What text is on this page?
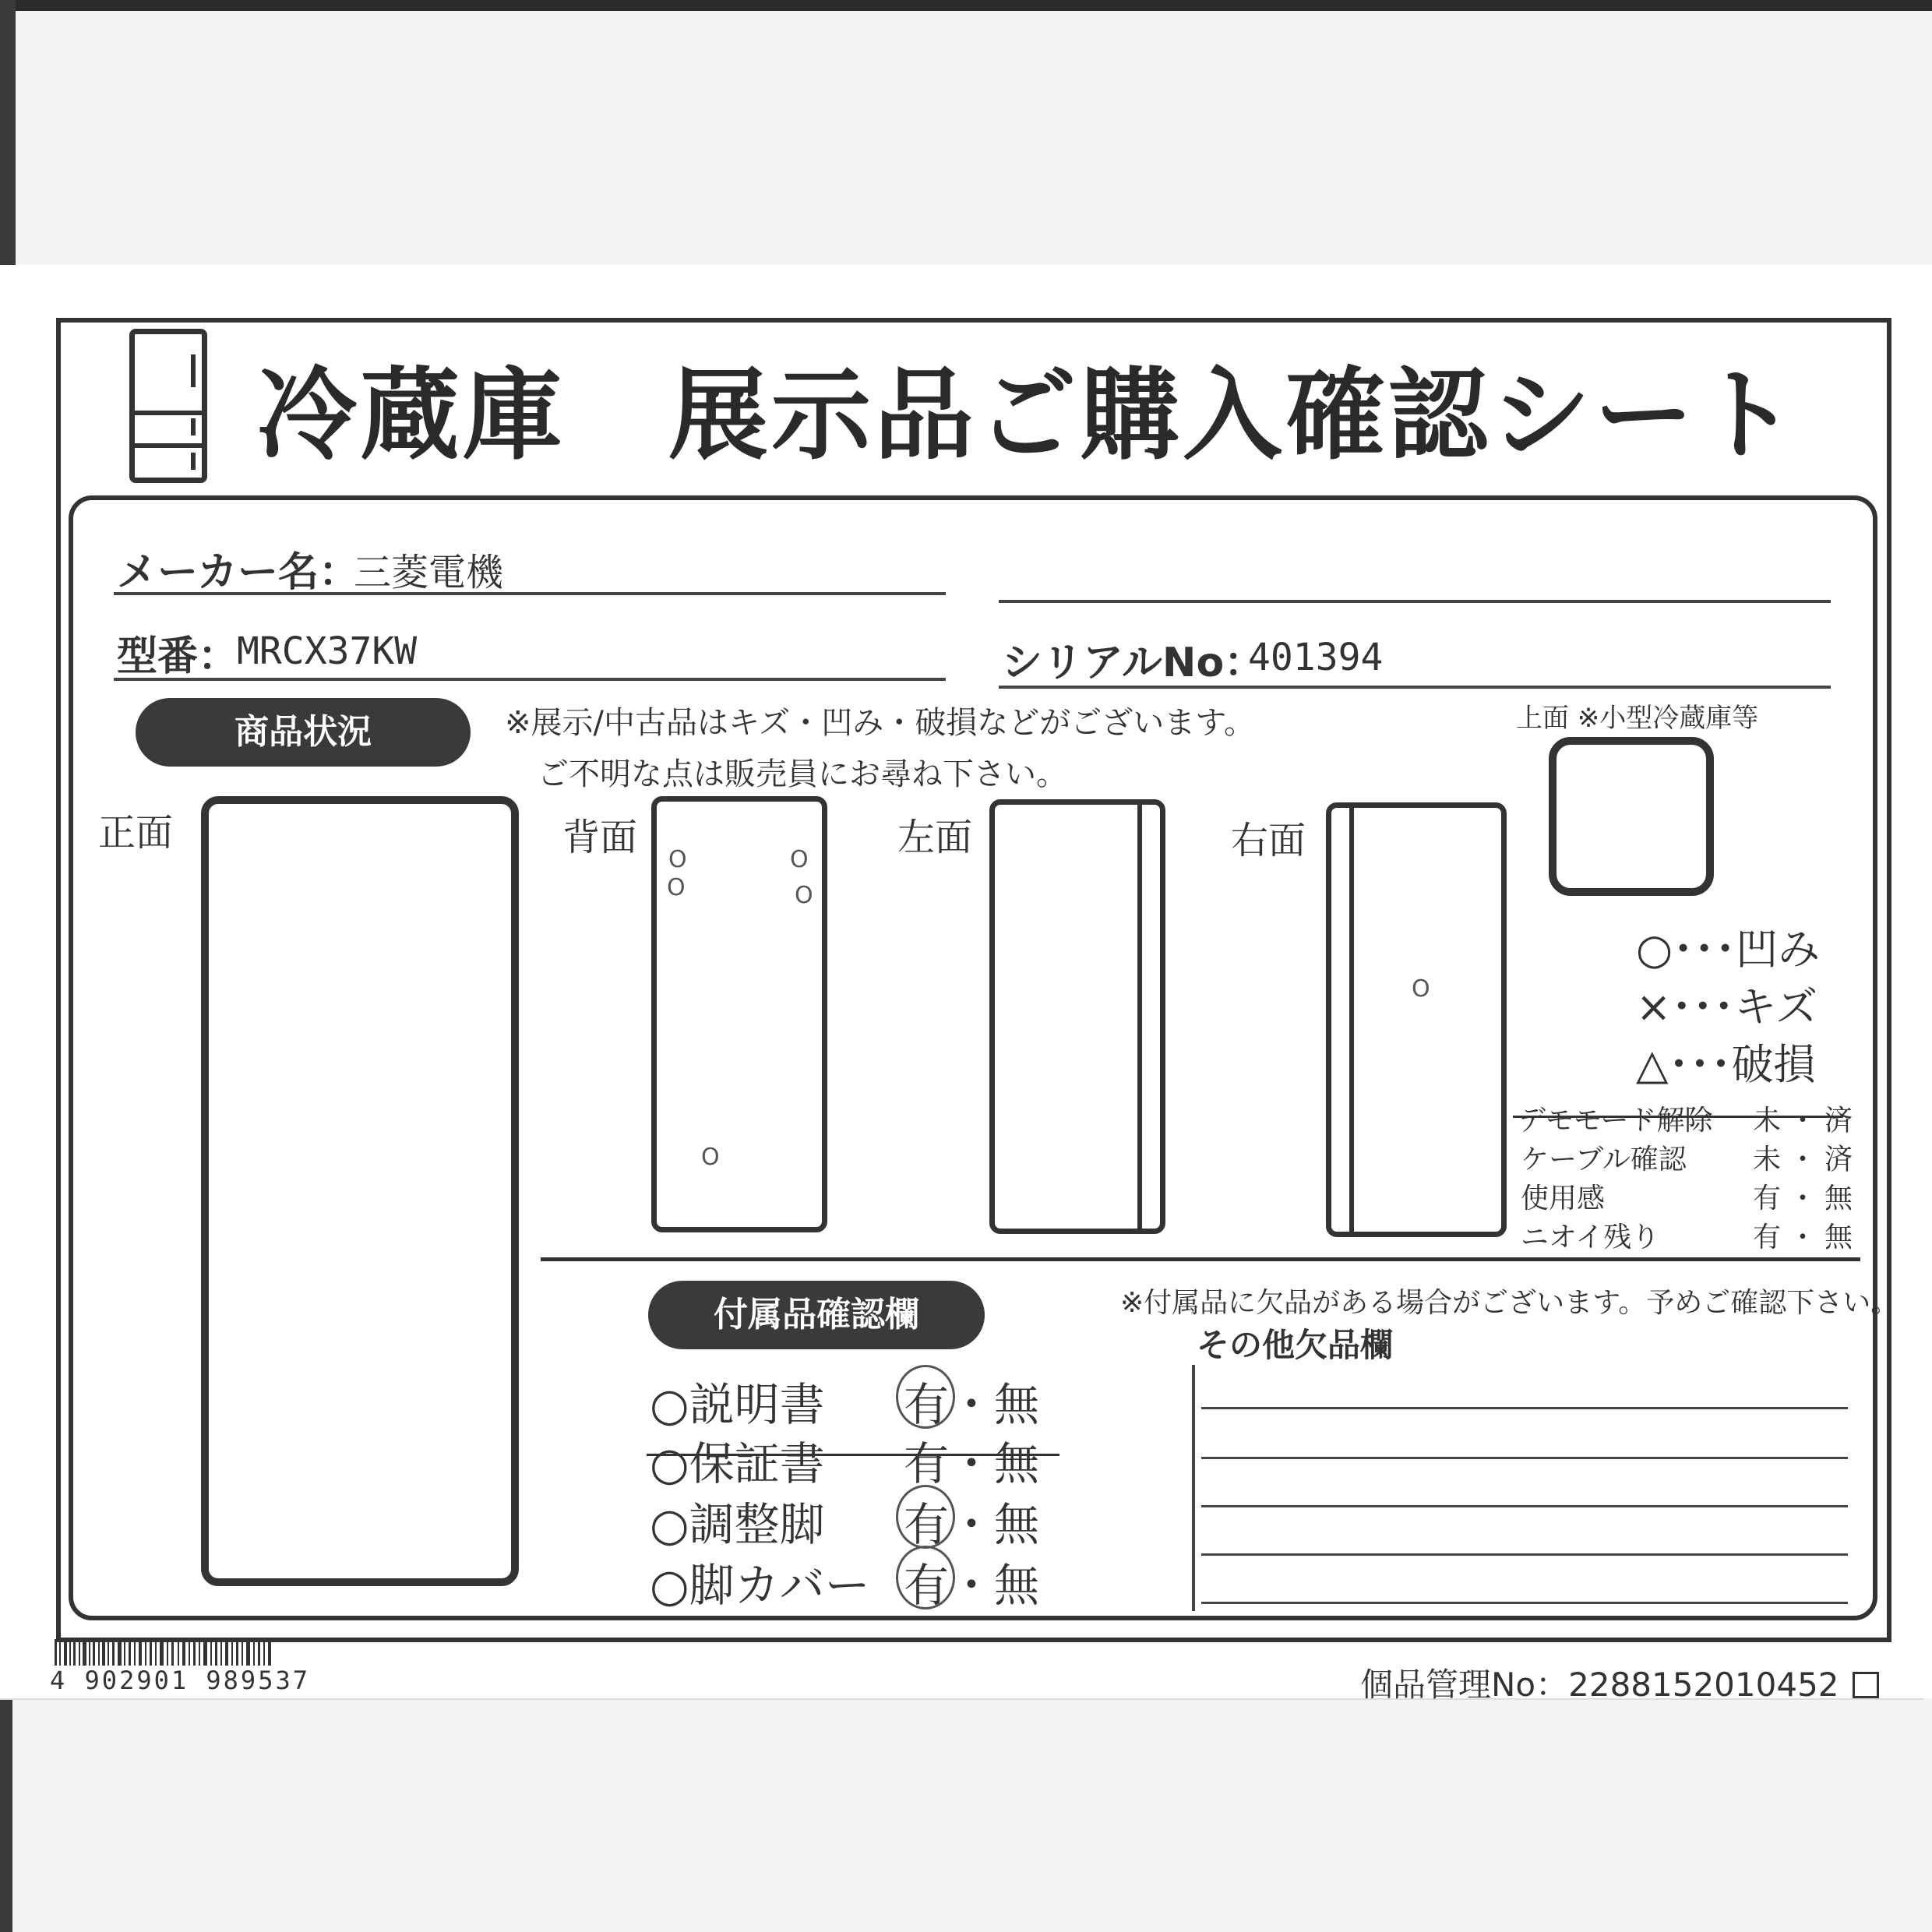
冷蔵庫　展示品ご購入確認シート
メーカー名：
三菱電機
型番：
MRCX37KW	シリアルNo：
401394
商品状況	※展示/中古品はキズ・凹み・破損などがございます。
ご不明な点は販売員にお尋ね下さい。
正面	背面
O
O
O
O
O
左面	右面
O
上面 ※小型冷蔵庫等
○･･･凹み
×･･･キズ
△･･･破損
デモモード解除 未・済
ケーブル確認 未・済
使用感	有・無
ニオイ残り	有・無
付属品確認欄	※付属品に欠品がある場合がございます。予めご確認下さい。
その他欠品欄
○説明書 有・無
○保証書 有・無
○調整脚 有・無
○脚カバー 有・無
4 902901 989537	個品管理No：2288152010452
